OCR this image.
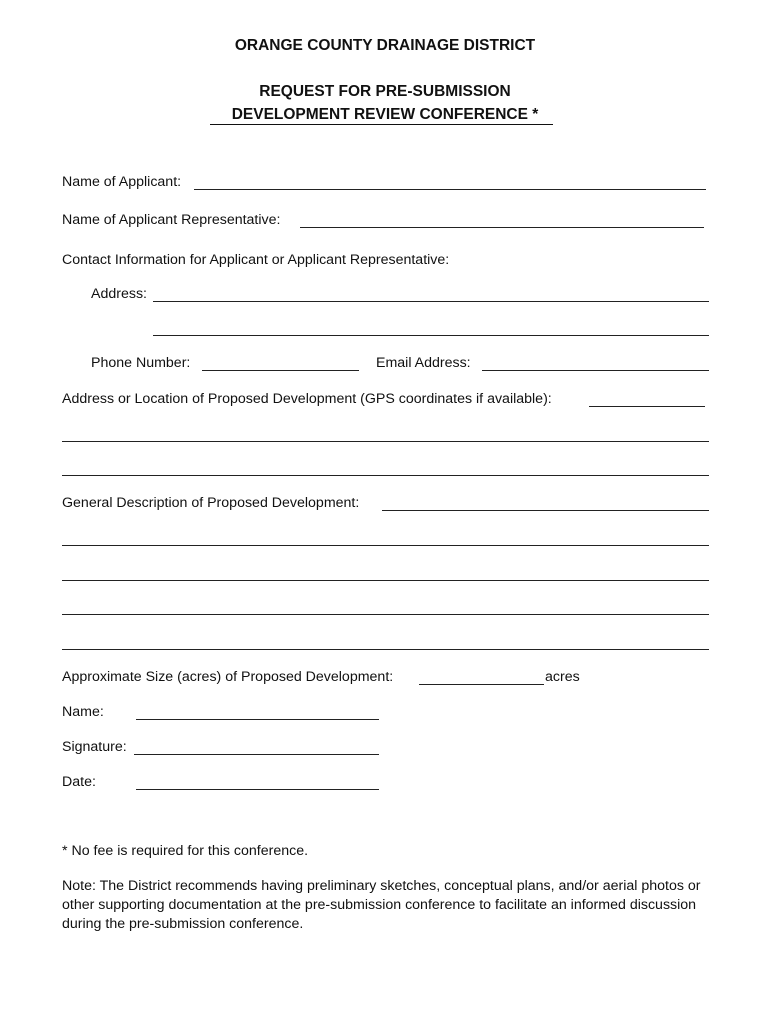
ORANGE COUNTY DRAINAGE DISTRICT
REQUEST FOR PRE-SUBMISSION
DEVELOPMENT REVIEW CONFERENCE *
Name of Applicant:
Name of Applicant Representative:
Contact Information for Applicant or Applicant Representative:
Address:
Phone Number:	Email Address:
Address or Location of Proposed Development (GPS coordinates if available):
General Description of Proposed Development:
Approximate Size (acres) of Proposed Development:	acres
Name:
Signature:
Date:
* No fee is required for this conference.
Note: The District recommends having preliminary sketches, conceptual plans, and/or aerial photos or other supporting documentation at the pre-submission conference to facilitate an informed discussion during the pre-submission conference.
